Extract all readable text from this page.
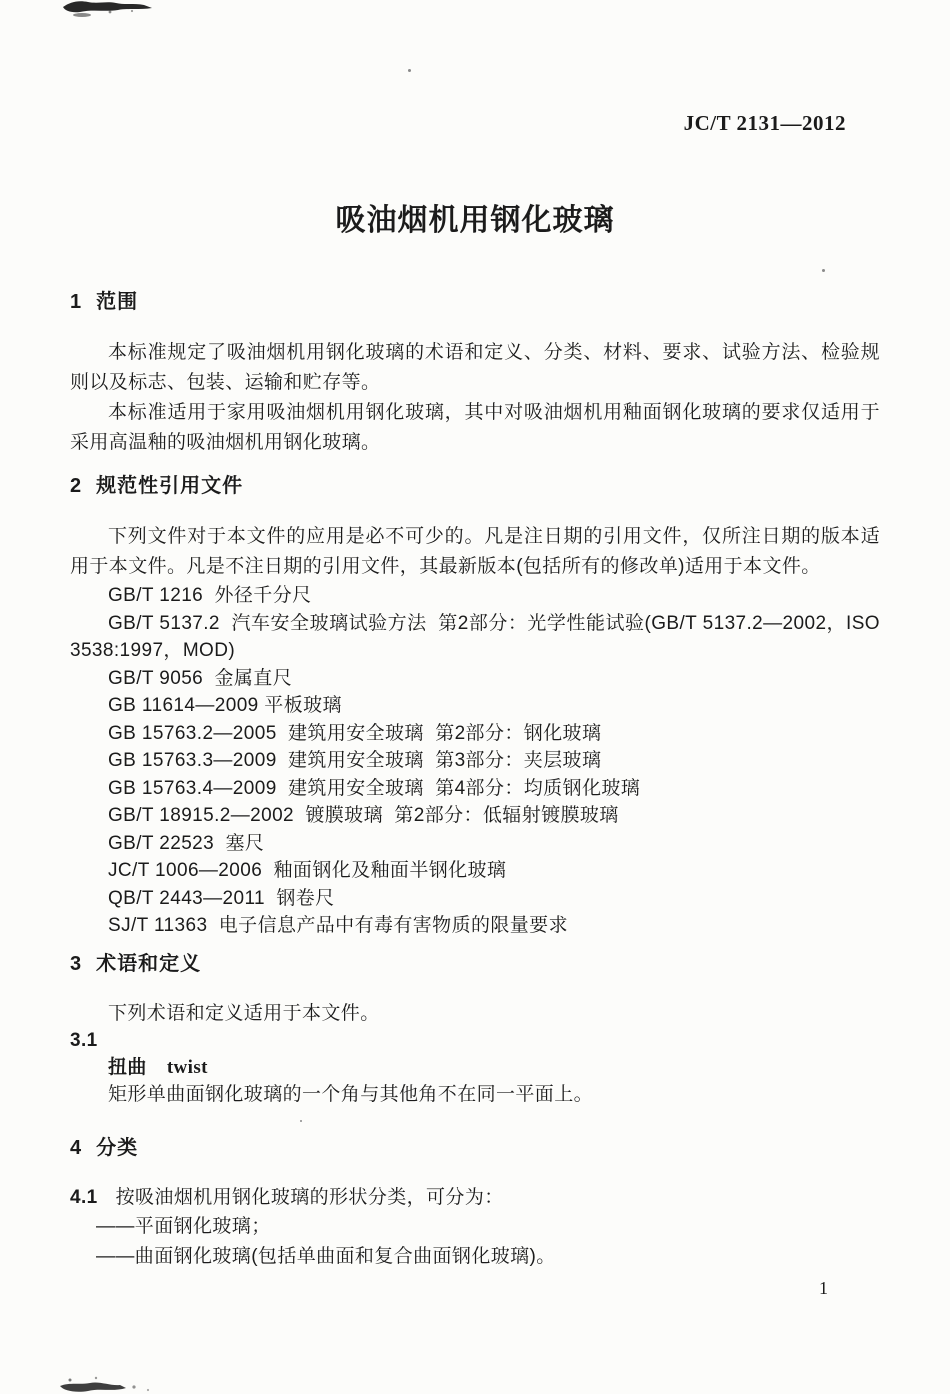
JC/T 2131—2012
吸油烟机用钢化玻璃
1 范围

本标准规定了吸油烟机用钢化玻璃的术语和定义、分类、材料、要求、试验方法、检验规则以及标志、包装、运输和贮存等。

本标准适用于家用吸油烟机用钢化玻璃，其中对吸油烟机用釉面钢化玻璃的要求仅适用于采用高温釉的吸油烟机用钢化玻璃。

2 规范性引用文件

下列文件对于本文件的应用是必不可少的。凡是注日期的引用文件，仅所注日期的版本适用于本文件。凡是不注日期的引用文件，其最新版本(包括所有的修改单)适用于本文件。

GB/T 1216  外径千分尺

GB/T 5137.2  汽车安全玻璃试验方法  第2部分：光学性能试验(GB/T 5137.2—2002，ISO 3538:1997，MOD)

GB/T 9056  金属直尺

GB 11614—2009 平板玻璃

GB 15763.2—2005  建筑用安全玻璃  第2部分：钢化玻璃

GB 15763.3—2009  建筑用安全玻璃  第3部分：夹层玻璃

GB 15763.4—2009  建筑用安全玻璃  第4部分：均质钢化玻璃

GB/T 18915.2—2002  镀膜玻璃  第2部分：低辐射镀膜玻璃

GB/T 22523  塞尺

JC/T 1006—2006  釉面钢化及釉面半钢化玻璃

QB/T 2443—2011  钢卷尺

SJ/T 11363  电子信息产品中有毒有害物质的限量要求

3 术语和定义

下列术语和定义适用于本文件。

3.1

扭曲 twist

矩形单曲面钢化玻璃的一个角与其他角不在同一平面上。

4 分类

4.1 按吸油烟机用钢化玻璃的形状分类，可分为：

——平面钢化玻璃；

——曲面钢化玻璃(包括单曲面和复合曲面钢化玻璃)。

1
